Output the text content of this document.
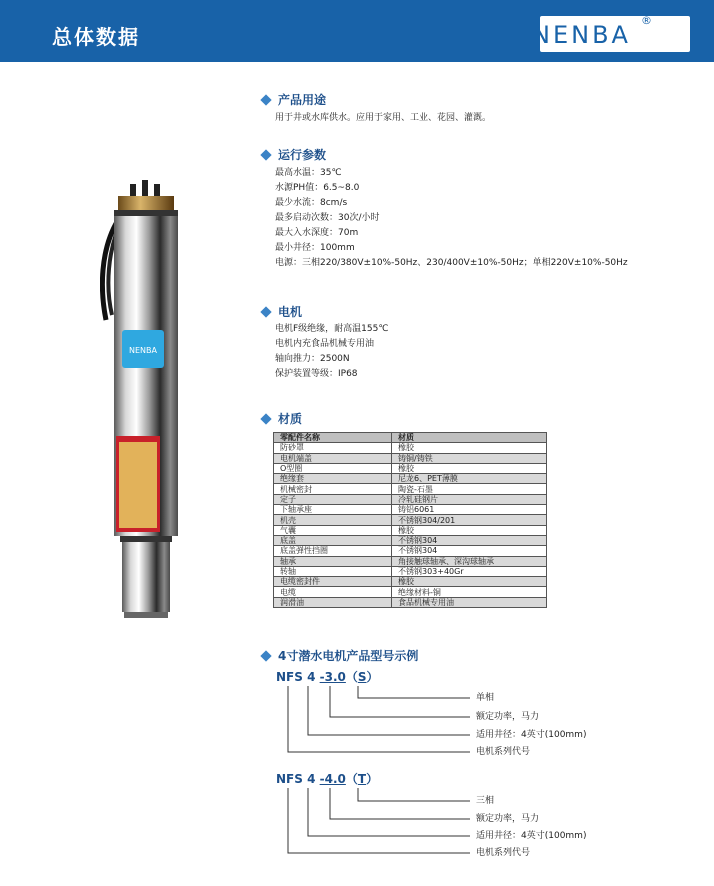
总体数据	NENBA
®
NENBA
产品用途
用于井或水库供水。应用于家用、工业、花园、灌溉。
运行参数
最高水温：35℃
水源PH值：6.5~8.0
最少水流：8cm/s
最多启动次数：30次/小时
最大入水深度：70m
最小井径：100mm
电源：三相220/380V±10%-50Hz、230/400V±10%-50Hz；单相220V±10%-50Hz
电机
电机F级绝缘，耐高温155℃
电机内充食品机械专用油
轴向推力：2500N
保护装置等级：IP68
材质
零配件名称	材质
防砂罩	橡胶
电机端盖	铸铜/铸铁
O型圈	橡胶
绝缘套	尼龙6、PET薄膜
机械密封	陶瓷-石墨
定子	冷轧硅钢片
下轴承座	铸铝6061
机壳	不锈钢304/201
气囊	橡胶
底盖	不锈钢304
底盖弹性挡圈	不锈钢304
轴承	角接触球轴承、深沟球轴承
转轴	不锈钢303+40Gr
电缆密封件	橡胶
电缆	绝缘材料-铜
润滑油	食品机械专用油
4寸潜水电机产品型号示例
NFS 4 -3.0（S）
单相
额定功率，马力
适用井径：4英寸(100mm)
电机系列代号
NFS 4 -4.0（T）
三相
额定功率，马力
适用井径：4英寸(100mm)
电机系列代号
